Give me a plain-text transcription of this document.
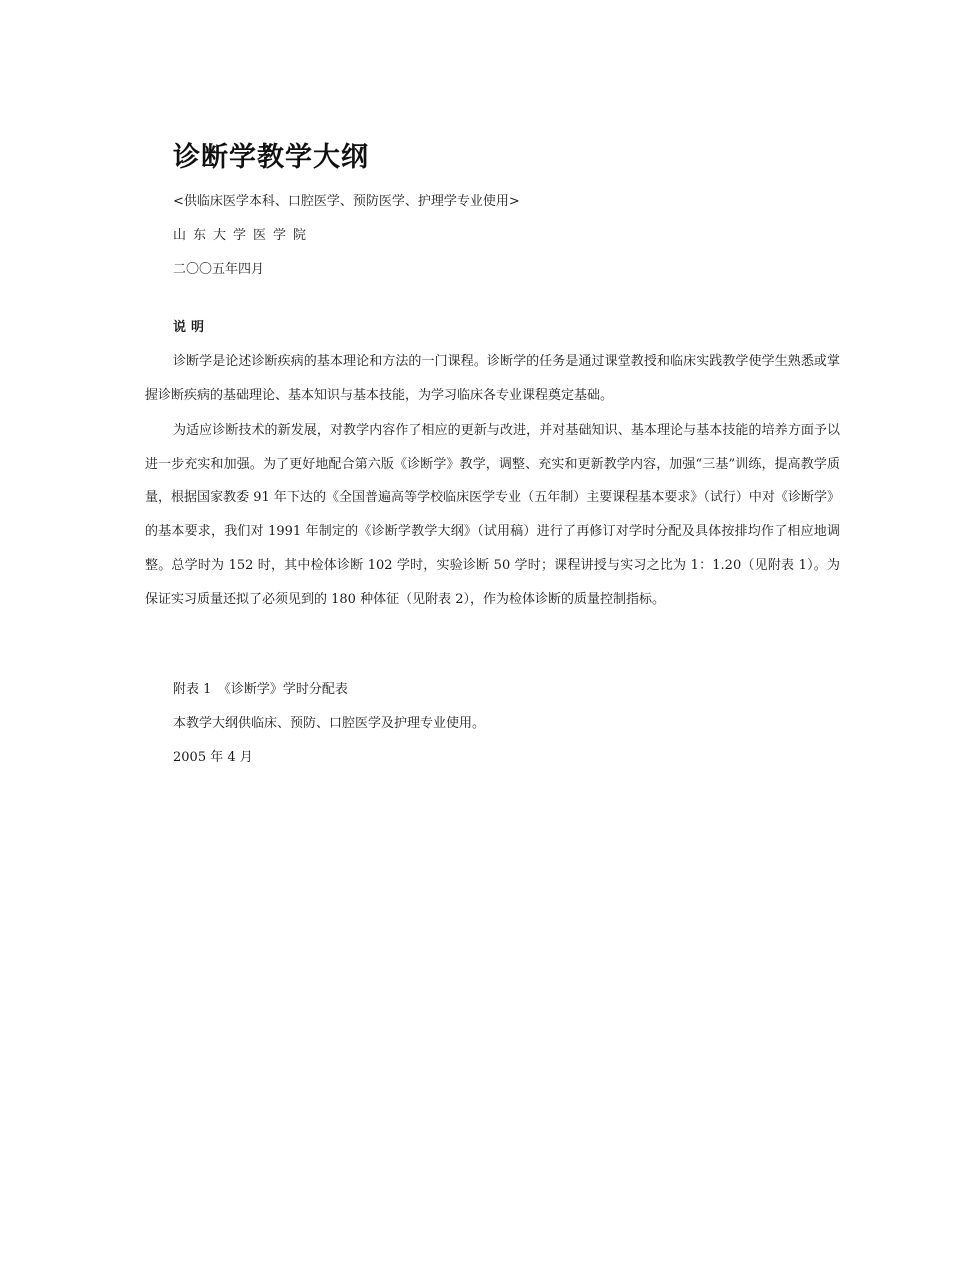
诊断学教学大纲

<供临床医学本科、口腔医学、预防医学、护理学专业使用>

山东大学医学院

二〇〇五年四月

说明

诊断学是论述诊断疾病的基本理论和方法的一门课程。诊断学的任务是通过课堂教授和临床实践教学使学生熟悉或掌握诊断疾病的基础理论、基本知识与基本技能，为学习临床各专业课程奠定基础。

为适应诊断技术的新发展，对教学内容作了相应的更新与改进，并对基础知识、基本理论与基本技能的培养方面予以进一步充实和加强。为了更好地配合第六版《诊断学》教学，调整、充实和更新教学内容，加强“三基”训练，提高教学质量，根据国家教委 91 年下达的《全国普遍高等学校临床医学专业（五年制）主要课程基本要求》（试行）中对《诊断学》的基本要求，我们对 1991 年制定的《诊断学教学大纲》（试用稿）进行了再修订对学时分配及具体按排均作了相应地调整。总学时为 152 时，其中检体诊断 102 学时，实验诊断 50 学时；课程讲授与实习之比为 1：1.20（见附表 1）。为保证实习质量还拟了必须见到的 180 种体征（见附表 2），作为检体诊断的质量控制指标。

附表 1　《诊断学》学时分配表

本教学大纲供临床、预防、口腔医学及护理专业使用。

2005 年 4 月
